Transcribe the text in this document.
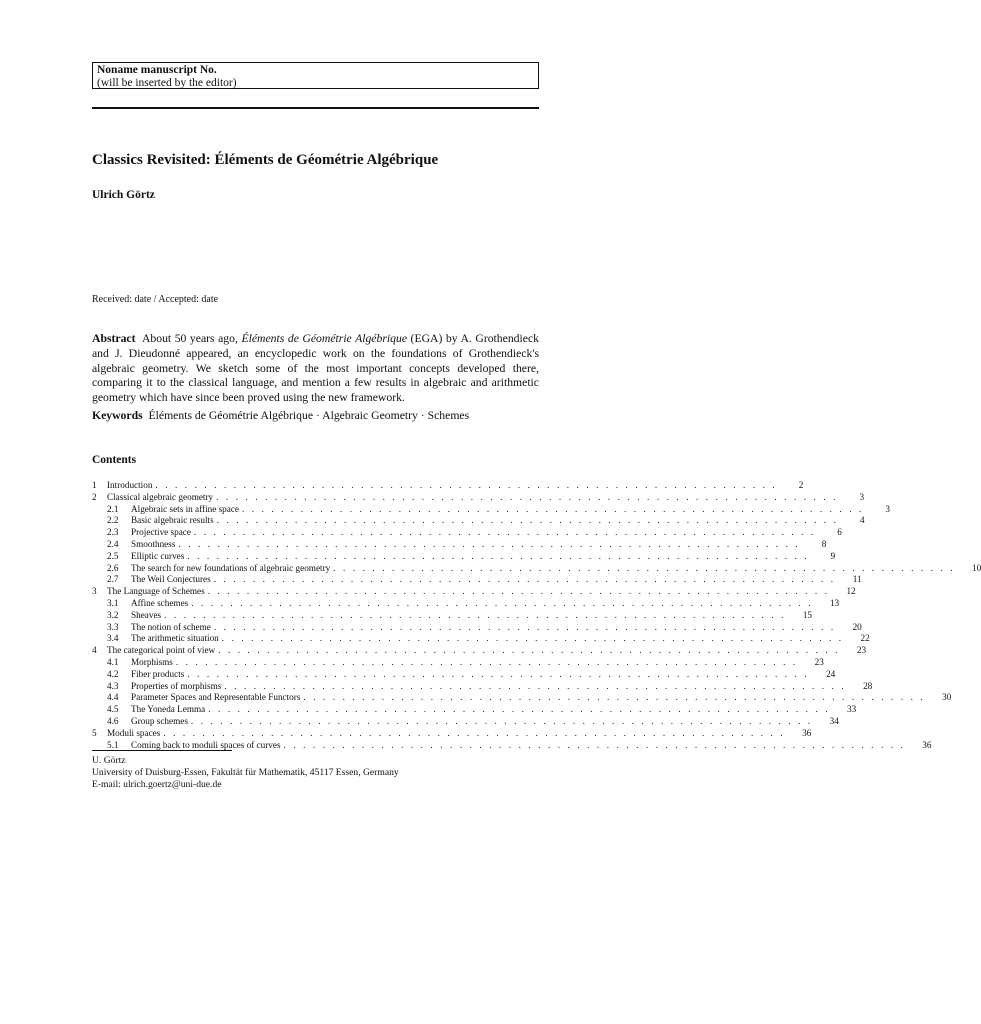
Noname manuscript No.
(will be inserted by the editor)
Classics Revisited: Éléments de Géométrie Algébrique
Ulrich Görtz
Received: date / Accepted: date
Abstract About 50 years ago, Éléments de Géométrie Algébrique (EGA) by A. Grothendieck and J. Dieudonné appeared, an encyclopedic work on the foundations of Grothendieck's algebraic geometry. We sketch some of the most important concepts developed there, comparing it to the classical language, and mention a few results in algebraic and arithmetic geometry which have since been proved using the new framework.
Keywords Éléments de Géométrie Algébrique · Algebraic Geometry · Schemes
Contents
1	Introduction . . . . . . . . . . . . . . . . . . . . . . . . . . . . . . . . . . . . . . . . . . . . . . . . . . . . . . . . . . . . . . . .	2
2	Classical algebraic geometry . . . . . . . . . . . . . . . . . . . . . . . . . . . . . . . . . . . . . . . . . . . . . . . . . . . . . . . . . . . . . . . .	3
2.1	Algebraic sets in affine space . . . . . . . . . . . . . . . . . . . . . . . . . . . . . . . . . . . . . . . . . . . . . . . . . . . . . . . . . . . . . . . .	3
2.2	Basic algebraic results . . . . . . . . . . . . . . . . . . . . . . . . . . . . . . . . . . . . . . . . . . . . . . . . . . . . . . . . . . . . . . . .	4
2.3	Projective space . . . . . . . . . . . . . . . . . . . . . . . . . . . . . . . . . . . . . . . . . . . . . . . . . . . . . . . . . . . . . . . .	6
2.4	Smoothness . . . . . . . . . . . . . . . . . . . . . . . . . . . . . . . . . . . . . . . . . . . . . . . . . . . . . . . . . . . . . . . .	8
2.5	Elliptic curves . . . . . . . . . . . . . . . . . . . . . . . . . . . . . . . . . . . . . . . . . . . . . . . . . . . . . . . . . . . . . . . .	9
2.6	The search for new foundations of algebraic geometry . . . . . . . . . . . . . . . . . . . . . . . . . . . . . . . . . . . . . . . . . . . . . . . . . . . . . . . . . . . . . . . .	10
2.7	The Weil Conjectures . . . . . . . . . . . . . . . . . . . . . . . . . . . . . . . . . . . . . . . . . . . . . . . . . . . . . . . . . . . . . . . .	11
3	The Language of Schemes . . . . . . . . . . . . . . . . . . . . . . . . . . . . . . . . . . . . . . . . . . . . . . . . . . . . . . . . . . . . . . . .	12
3.1	Affine schemes . . . . . . . . . . . . . . . . . . . . . . . . . . . . . . . . . . . . . . . . . . . . . . . . . . . . . . . . . . . . . . . .	13
3.2	Sheaves . . . . . . . . . . . . . . . . . . . . . . . . . . . . . . . . . . . . . . . . . . . . . . . . . . . . . . . . . . . . . . . .	15
3.3	The notion of scheme . . . . . . . . . . . . . . . . . . . . . . . . . . . . . . . . . . . . . . . . . . . . . . . . . . . . . . . . . . . . . . . .	20
3.4	The arithmetic situation . . . . . . . . . . . . . . . . . . . . . . . . . . . . . . . . . . . . . . . . . . . . . . . . . . . . . . . . . . . . . . . .	22
4	The categorical point of view . . . . . . . . . . . . . . . . . . . . . . . . . . . . . . . . . . . . . . . . . . . . . . . . . . . . . . . . . . . . . . . .	23
4.1	Morphisms . . . . . . . . . . . . . . . . . . . . . . . . . . . . . . . . . . . . . . . . . . . . . . . . . . . . . . . . . . . . . . . .	23
4.2	Fiber products . . . . . . . . . . . . . . . . . . . . . . . . . . . . . . . . . . . . . . . . . . . . . . . . . . . . . . . . . . . . . . . .	24
4.3	Properties of morphisms . . . . . . . . . . . . . . . . . . . . . . . . . . . . . . . . . . . . . . . . . . . . . . . . . . . . . . . . . . . . . . . .	28
4.4	Parameter Spaces and Representable Functors . . . . . . . . . . . . . . . . . . . . . . . . . . . . . . . . . . . . . . . . . . . . . . . . . . . . . . . . . . . . . . . .	30
4.5	The Yoneda Lemma . . . . . . . . . . . . . . . . . . . . . . . . . . . . . . . . . . . . . . . . . . . . . . . . . . . . . . . . . . . . . . . .	33
4.6	Group schemes . . . . . . . . . . . . . . . . . . . . . . . . . . . . . . . . . . . . . . . . . . . . . . . . . . . . . . . . . . . . . . . .	34
5	Moduli spaces . . . . . . . . . . . . . . . . . . . . . . . . . . . . . . . . . . . . . . . . . . . . . . . . . . . . . . . . . . . . . . . .	36
5.1	Coming back to moduli spaces of curves . . . . . . . . . . . . . . . . . . . . . . . . . . . . . . . . . . . . . . . . . . . . . . . . . . . . . . . . . . . . . . . .	36
U. Görtz
University of Duisburg-Essen, Fakultät für Mathematik, 45117 Essen, Germany
E-mail: ulrich.goertz@uni-due.de
